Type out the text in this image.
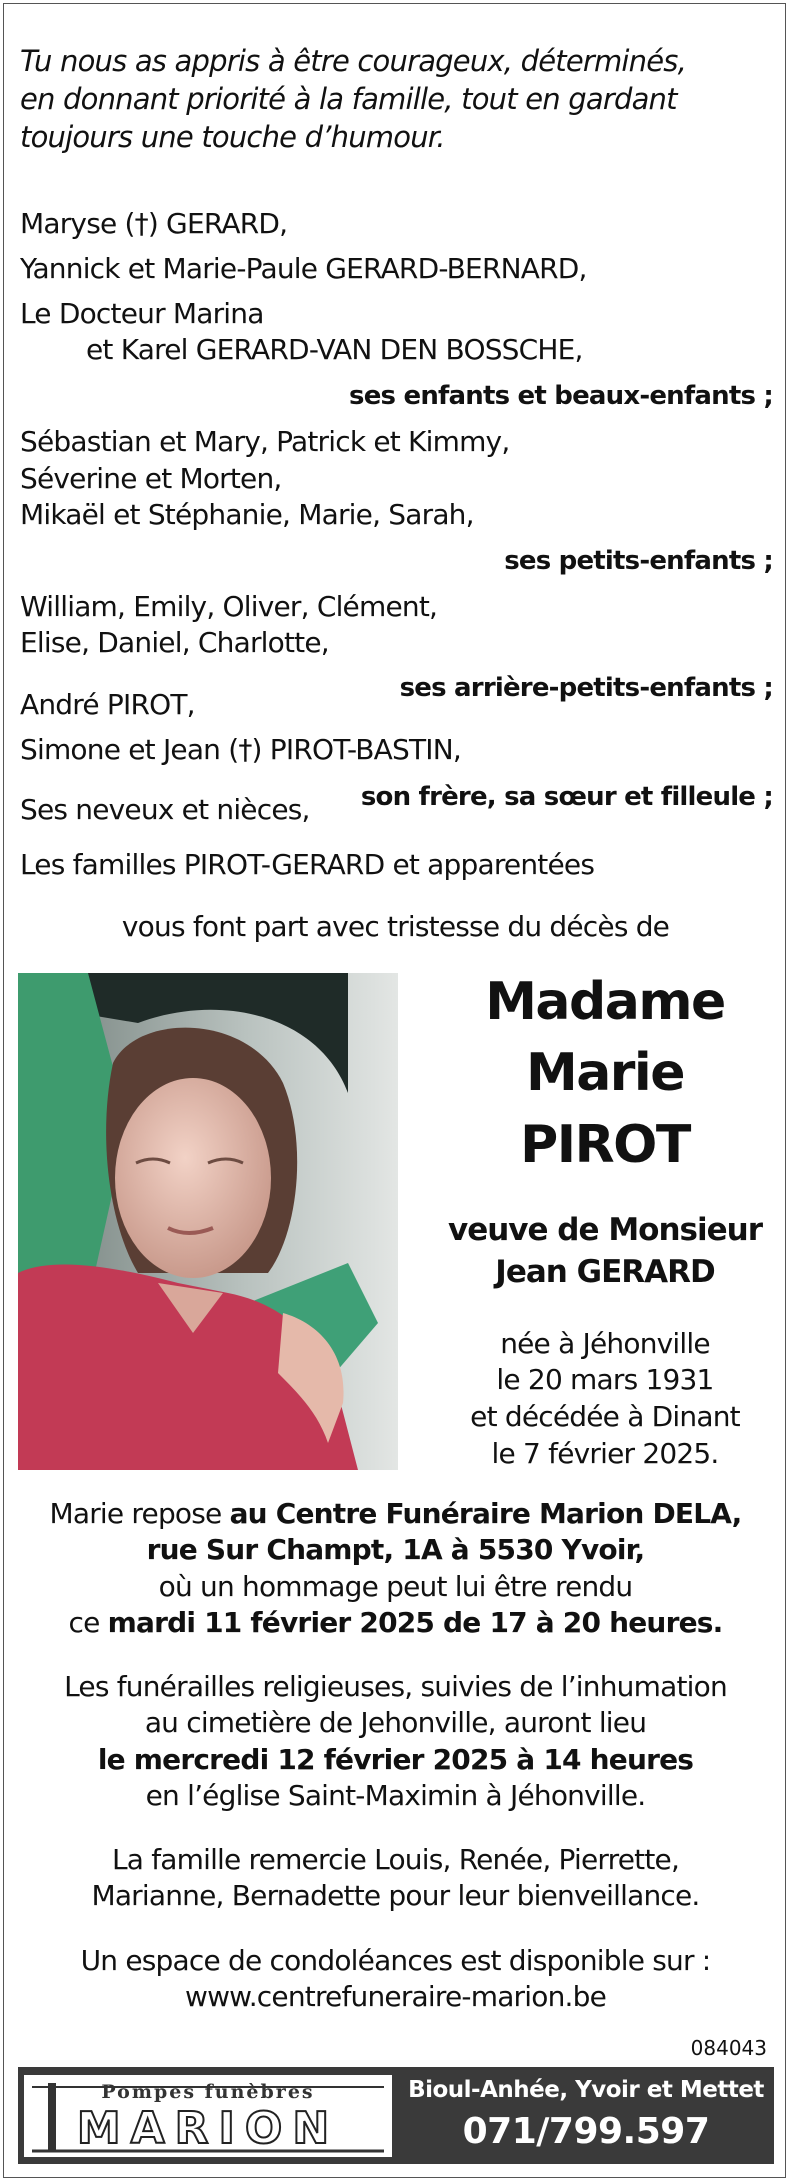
Tu nous as appris à être courageux, déterminés,
en donnant priorité à la famille, tout en gardant
toujours une touche d’humour.
Maryse (†) GERARD,
Yannick et Marie-Paule GERARD-BERNARD,
Le Docteur Marina
et Karel GERARD-VAN DEN BOSSCHE,
ses enfants et beaux-enfants ;
Sébastian et Mary, Patrick et Kimmy,
Séverine et Morten,
Mikaël et Stéphanie, Marie, Sarah,
ses petits-enfants ;
William, Emily, Oliver, Clément,
Elise, Daniel, Charlotte,
ses arrière-petits-enfants ;
André PIROT,
Simone et Jean (†) PIROT-BASTIN,
son frère, sa sœur et filleule ;
Ses neveux et nièces,
Les familles PIROT-GERARD et apparentées
vous font part avec tristesse du décès de
Madame
Marie
PIROT
veuve de Monsieur
Jean GERARD
née à Jéhonville
le 20 mars 1931
et décédée à Dinant
le 7 février 2025.
Marie repose au Centre Funéraire Marion DELA,
rue Sur Champt, 1A à 5530 Yvoir,
où un hommage peut lui être rendu
ce mardi 11 février 2025 de 17 à 20 heures.
Les funérailles religieuses, suivies de l’inhumation
au cimetière de Jehonville, auront lieu
le mercredi 12 février 2025 à 14 heures
en l’église Saint-Maximin à Jéhonville.
La famille remercie Louis, Renée, Pierrette,
Marianne, Bernadette pour leur bienveillance.
Un espace de condoléances est disponible sur :
www.centrefuneraire-marion.be
084043
Pompes funèbres
MARION
Bioul-Anhée, Yvoir et Mettet
071/799.597
